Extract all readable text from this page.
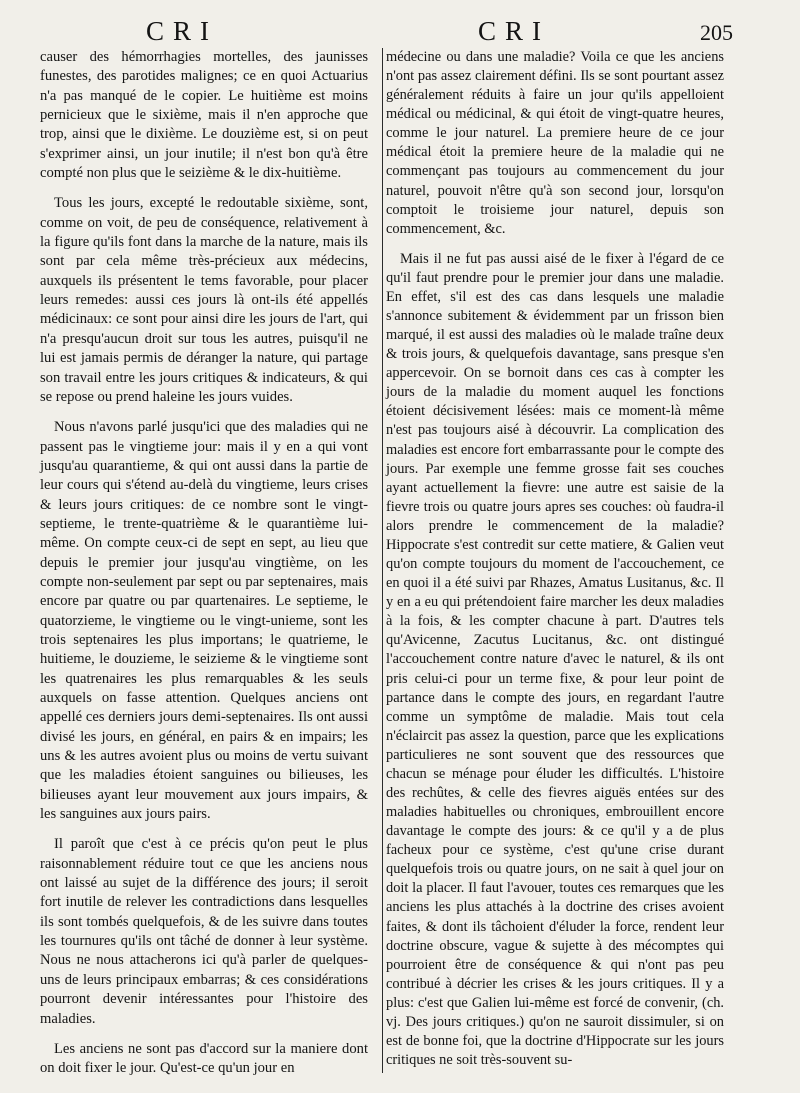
CRI	CRI	205

causer des hémorrhagies mortelles, des jaunisses funestes, des parotides malignes; ce en quoi Actuarius n'a pas manqué de le copier. Le huitième est moins pernicieux que le sixième, mais il n'en approche que trop, ainsi que le dixième. Le douzième est, si on peut s'exprimer ainsi, un jour inutile; il n'est bon qu'à être compté non plus que le seizième & le dix-huitième.

Tous les jours, excepté le redoutable sixième, sont, comme on voit, de peu de conséquence, relativement à la figure qu'ils font dans la marche de la nature, mais ils sont par cela même très-précieux aux médecins, auxquels ils présentent le tems favorable, pour placer leurs remedes: aussi ces jours là ont-ils été appellés médicinaux: ce sont pour ainsi dire les jours de l'art, qui n'a presqu'aucun droit sur tous les autres, puisqu'il ne lui est jamais permis de déranger la nature, qui partage son travail entre les jours critiques & indicateurs, & qui se repose ou prend haleine les jours vuides.

Nous n'avons parlé jusqu'ici que des maladies qui ne passent pas le vingtieme jour: mais il y en a qui vont jusqu'au quarantieme, & qui ont aussi dans la partie de leur cours qui s'étend au-delà du vingtieme, leurs crises & leurs jours critiques: de ce nombre sont le vingt-septieme, le trente-quatrième & le quarantième lui-même. On compte ceux-ci de sept en sept, au lieu que depuis le premier jour jusqu'au vingtième, on les compte non-seulement par sept ou par septenaires, mais encore par quatre ou par quartenaires. Le septieme, le quatorzieme, le vingtieme ou le vingt-unieme, sont les trois septenaires les plus importans; le quatrieme, le huitieme, le douzieme, le seizieme & le vingtieme sont les quatrenaires les plus remarquables & les seuls auxquels on fasse attention. Quelques anciens ont appellé ces derniers jours demi-septenaires. Ils ont aussi divisé les jours, en général, en pairs & en impairs; les uns & les autres avoient plus ou moins de vertu suivant que les maladies étoient sanguines ou bilieuses, les bilieuses ayant leur mouvement aux jours impairs, & les sanguines aux jours pairs.

Il paroît que c'est à ce précis qu'on peut le plus raisonnablement réduire tout ce que les anciens nous ont laissé au sujet de la différence des jours; il seroit fort inutile de relever les contradictions dans lesquelles ils sont tombés quelquefois, & de les suivre dans toutes les tournures qu'ils ont tâché de donner à leur système. Nous ne nous attacherons ici qu'à parler de quelques-uns de leurs principaux embarras; & ces considérations pourront devenir intéressantes pour l'histoire des maladies.

Les anciens ne sont pas d'accord sur la maniere dont on doit fixer le jour. Qu'est-ce qu'un jour en

médecine ou dans une maladie? Voila ce que les anciens n'ont pas assez clairement défini. Ils se sont pourtant assez généralement réduits à faire un jour qu'ils appelloient médical ou médicinal, & qui étoit de vingt-quatre heures, comme le jour naturel. La premiere heure de ce jour médical étoit la premiere heure de la maladie qui ne commençant pas toujours au commencement du jour naturel, pouvoit n'être qu'à son second jour, lorsqu'on comptoit le troisieme jour naturel, depuis son commencement, &c.

Mais il ne fut pas aussi aisé de le fixer à l'égard de ce qu'il faut prendre pour le premier jour dans une maladie. En effet, s'il est des cas dans lesquels une maladie s'annonce subitement & évidemment par un frisson bien marqué, il est aussi des maladies où le malade traîne deux & trois jours, & quelquefois davantage, sans presque s'en appercevoir. On se bornoit dans ces cas à compter les jours de la maladie du moment auquel les fonctions étoient décisivement lésées: mais ce moment-là même n'est pas toujours aisé à découvrir. La complication des maladies est encore fort embarrassante pour le compte des jours. Par exemple une femme grosse fait ses couches ayant actuellement la fievre: une autre est saisie de la fievre trois ou quatre jours apres ses couches: où faudra-il alors prendre le commencement de la maladie? Hippocrate s'est contredit sur cette matiere, & Galien veut qu'on compte toujours du moment de l'accouchement, ce en quoi il a été suivi par Rhazes, Amatus Lusitanus, &c. Il y en a eu qui prétendoient faire marcher les deux maladies à la fois, & les compter chacune à part. D'autres tels qu'Avicenne, Zacutus Lucitanus, &c. ont distingué l'accouchement contre nature d'avec le naturel, & ils ont pris celui-ci pour un terme fixe, & pour leur point de partance dans le compte des jours, en regardant l'autre comme un symptôme de maladie. Mais tout cela n'éclaircit pas assez la question, parce que les explications particulieres ne sont souvent que des ressources que chacun se ménage pour éluder les difficultés. L'histoire des rechûtes, & celle des fievres aiguës entées sur des maladies habituelles ou chroniques, embrouillent encore davantage le compte des jours: & ce qu'il y a de plus facheux pour ce système, c'est qu'une crise durant quelquefois trois ou quatre jours, on ne sait à quel jour on doit la placer. Il faut l'avouer, toutes ces remarques que les anciens les plus attachés à la doctrine des crises avoient faites, & dont ils tâchoient d'éluder la force, rendent leur doctrine obscure, vague & sujette à des mécomptes qui pourroient être de conséquence & qui n'ont pas peu contribué à décrier les crises & les jours critiques. Il y a plus: c'est que Galien lui-même est forcé de convenir, (ch. vj. Des jours critiques.) qu'on ne sauroit dissimuler, si on est de bonne foi, que la doctrine d'Hippocrate sur les jours critiques ne soit très-souvent su-
